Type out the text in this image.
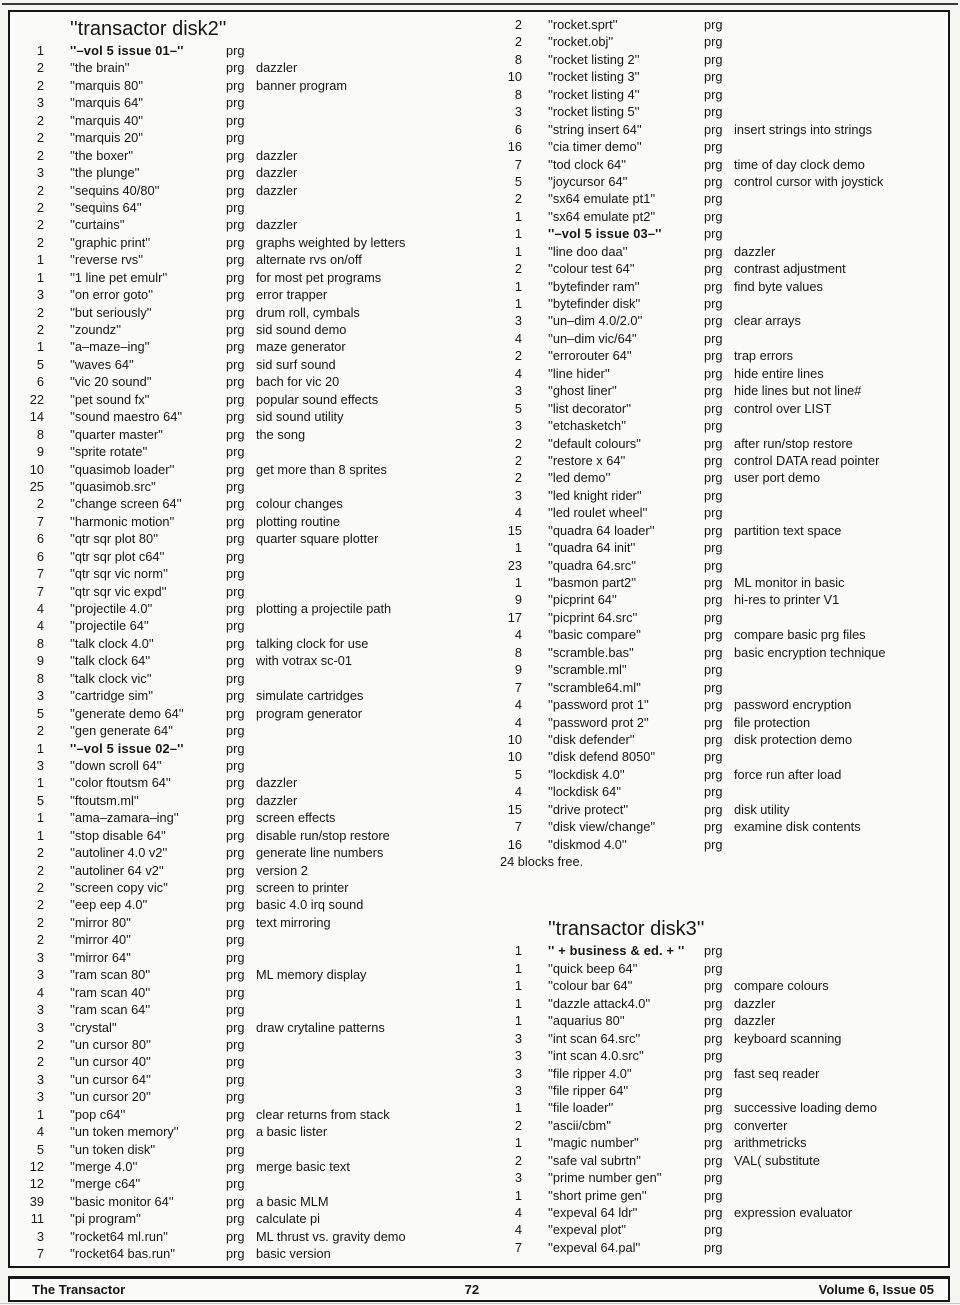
''transactor disk2''
1 ''–vol 5 issue 01–''	prg
2 ''the brain''	prg dazzler
2 ''marquis 80''	prg banner program
3 ''marquis 64''	prg
2 ''marquis 40''	prg
2 ''marquis 20''	prg
2 ''the boxer''	prg dazzler
3 ''the plunge''	prg dazzler
2 ''sequins 40/80''	prg dazzler
2 ''sequins 64''	prg
2 ''curtains''	prg dazzler
2 ''graphic print''	prg graphs weighted by letters
1 ''reverse rvs''	prg alternate rvs on/off
1 ''1 line pet emulr''	prg for most pet programs
3 ''on error goto''	prg error trapper
2 ''but seriously''	prg drum roll, cymbals
2 ''zoundz''	prg sid sound demo
1 ''a–maze–ing''	prg maze generator
5 ''waves 64''	prg sid surf sound
6 ''vic 20 sound''	prg bach for vic 20
22 ''pet sound fx''	prg popular sound effects
14 ''sound maestro 64''	prg sid sound utility
8 ''quarter master''	prg the song
9 ''sprite rotate''	prg
10 ''quasimob loader''	prg get more than 8 sprites
25 ''quasimob.src''	prg
2 ''change screen 64''	prg colour changes
7 ''harmonic motion''	prg plotting routine
6 ''qtr sqr plot 80''	prg quarter square plotter
6 ''qtr sqr plot c64''	prg
7 ''qtr sqr vic norm''	prg
7 ''qtr sqr vic expd''	prg
4 ''projectile 4.0''	prg plotting a projectile path
4 ''projectile 64''	prg
8 ''talk clock 4.0''	prg talking clock for use
9 ''talk clock 64''	prg with votrax sc-01
8 ''talk clock vic''	prg
3 ''cartridge sim''	prg simulate cartridges
5 ''generate demo 64''	prg program generator
2 ''gen generate 64''	prg
1 ''–vol 5 issue 02–''	prg
3 ''down scroll 64''	prg
1 ''color ftoutsm 64''	prg dazzler
5 ''ftoutsm.ml''	prg dazzler
1 ''ama–zamara–ing''	prg screen effects
1 ''stop disable 64''	prg disable run/stop restore
2 ''autoliner 4.0 v2''	prg generate line numbers
2 ''autoliner 64 v2''	prg version 2
2 ''screen copy vic''	prg screen to printer
2 ''eep eep 4.0''	prg basic 4.0 irq sound
2 ''mirror 80''	prg text mirroring
2 ''mirror 40''	prg
3 ''mirror 64''	prg
3 ''ram scan 80''	prg ML memory display
4 ''ram scan 40''	prg
3 ''ram scan 64''	prg
3 ''crystal''	prg draw crytaline patterns
2 ''un cursor 80''	prg
2 ''un cursor 40''	prg
3 ''un cursor 64''	prg
3 ''un cursor 20''	prg
1 ''pop c64''	prg clear returns from stack
4 ''un token memory''	prg a basic lister
5 ''un token disk''	prg
12 ''merge 4.0''	prg merge basic text
12 ''merge c64''	prg
39 ''basic monitor 64''	prg a basic MLM
11 ''pi program''	prg calculate pi
3 ''rocket64 ml.run''	prg ML thrust vs. gravity demo
7 ''rocket64 bas.run''	prg basic version
2 ''rocket.sprt''	prg
2 ''rocket.obj''	prg
8 ''rocket listing 2''	prg
10 ''rocket listing 3''	prg
8 ''rocket listing 4''	prg
3 ''rocket listing 5''	prg
6 ''string insert 64''	prg insert strings into strings
16 ''cia timer demo''	prg
7 ''tod clock 64''	prg time of day clock demo
5 ''joycursor 64''	prg control cursor with joystick
2 ''sx64 emulate pt1''	prg
1 ''sx64 emulate pt2''	prg
1 ''–vol 5 issue 03–''	prg
1 ''line doo daa''	prg dazzler
2 ''colour test 64''	prg contrast adjustment
1 ''bytefinder ram''	prg find byte values
1 ''bytefinder disk''	prg
3 ''un–dim 4.0/2.0''	prg clear arrays
4 ''un–dim vic/64''	prg
2 ''errorouter 64''	prg trap errors
4 ''line hider''	prg hide entire lines
3 ''ghost liner''	prg hide lines but not line#
5 ''list decorator''	prg control over LIST
3 ''etchasketch''	prg
2 ''default colours''	prg after run/stop restore
2 ''restore x 64''	prg control DATA read pointer
2 ''led demo''	prg user port demo
3 ''led knight rider''	prg
4 ''led roulet wheel''	prg
15 ''quadra 64 loader''	prg partition text space
1 ''quadra 64 init''	prg
23 ''quadra 64.src''	prg
1 ''basmon part2''	prg ML monitor in basic
9 ''picprint 64''	prg hi-res to printer V1
17 ''picprint 64.src''	prg
4 ''basic compare''	prg compare basic prg files
8 ''scramble.bas''	prg basic encryption technique
9 ''scramble.ml''	prg
7 ''scramble64.ml''	prg
4 ''password prot 1''	prg password encryption
4 ''password prot 2''	prg file protection
10 ''disk defender''	prg disk protection demo
10 ''disk defend 8050''	prg
5 ''lockdisk 4.0''	prg force run after load
4 ''lockdisk 64''	prg
15 ''drive protect''	prg disk utility
7 ''disk view/change''	prg examine disk contents
16 ''diskmod 4.0''	prg
24 blocks free.
''transactor disk3''
1 '' + business & ed. + ''	prg
1 ''quick beep 64''	prg
1 ''colour bar 64''	prg compare colours
1 ''dazzle attack4.0''	prg dazzler
1 ''aquarius 80''	prg dazzler
3 ''int scan 64.src''	prg keyboard scanning
3 ''int scan 4.0.src''	prg
3 ''file ripper 4.0''	prg fast seq reader
3 ''file ripper 64''	prg
1 ''file loader''	prg successive loading demo
2 ''ascii/cbm''	prg converter
1 ''magic number''	prg arithmetricks
2 ''safe val subrtn''	prg VAL( substitute
3 ''prime number gen''	prg
1 ''short prime gen''	prg
4 ''expeval 64 ldr''	prg expression evaluator
4 ''expeval plot''	prg
7 ''expeval 64.pal''	prg
The Transactor	72	Volume 6, Issue 05
